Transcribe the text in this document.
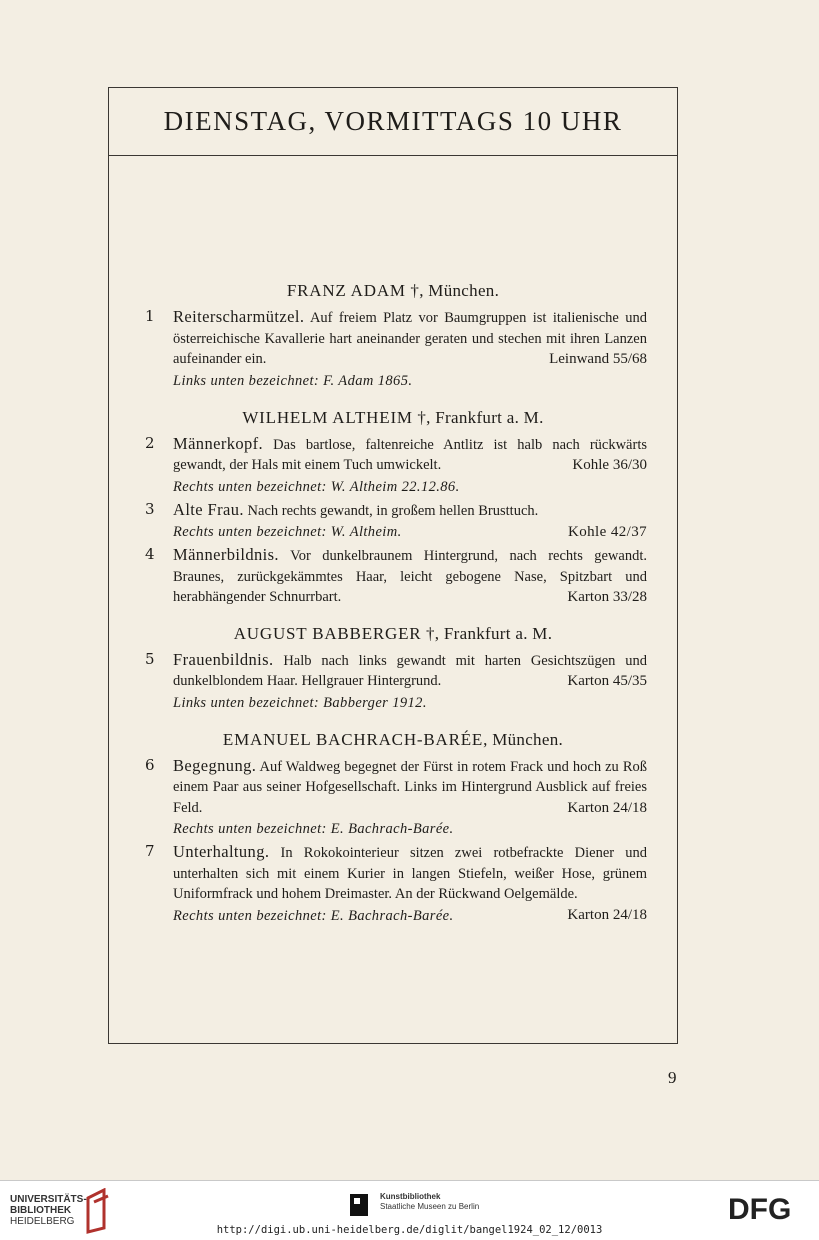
DIENSTAG, VORMITTAGS 10 UHR

FRANZ ADAM †, München.

1 Reiterscharmützel. Auf freiem Platz vor Baumgruppen ist italienische und österreichische Kavallerie hart aneinander geraten und stechen mit ihren Lanzen aufeinander ein.	Leinwand 55/68
Links unten bezeichnet: F. Adam 1865.

WILHELM ALTHEIM †, Frankfurt a. M.

2 Männerkopf. Das bartlose, faltenreiche Antlitz ist halb nach rückwärts gewandt, der Hals mit einem Tuch umwickelt.	Kohle 36/30
Rechts unten bezeichnet: W. Altheim 22.12.86.
3 Alte Frau. Nach rechts gewandt, in großem hellen Brusttuch.
Rechts unten bezeichnet: W. Altheim.	Kohle 42/37
4 Männerbildnis. Vor dunkelbraunem Hintergrund, nach rechts gewandt. Braunes, zurückgekämmtes Haar, leicht gebogene Nase, Spitzbart und herabhängender Schnurrbart.	Karton 33/28

AUGUST BABBERGER †, Frankfurt a. M.

5 Frauenbildnis. Halb nach links gewandt mit harten Gesichtszügen und dunkelblondem Haar. Hellgrauer Hintergrund.	Karton 45/35
Links unten bezeichnet: Babberger 1912.

EMANUEL BACHRACH-BARÉE, München.

6 Begegnung. Auf Waldweg begegnet der Fürst in rotem Frack und hoch zu Roß einem Paar aus seiner Hofgesellschaft. Links im Hintergrund Ausblick auf freies Feld.	Karton 24/18
Rechts unten bezeichnet: E. Bachrach-Barée.
7 Unterhaltung. In Rokokointerieur sitzen zwei rotbefrackte Diener und unterhalten sich mit einem Kurier in langen Stiefeln, weißer Hose, grünem Uniformfrack und hohem Dreimaster. An der Rückwand Oelgemälde.
Karton 24/18
Rechts unten bezeichnet: E. Bachrach-Barée.
9
UNIVERSITÄTS-
BIBLIOTHEK
HEIDELBERG
Kunstbibliothek
Staatliche Museen zu Berlin	DFG
http://digi.ub.uni-heidelberg.de/diglit/bangel1924_02_12/0013
